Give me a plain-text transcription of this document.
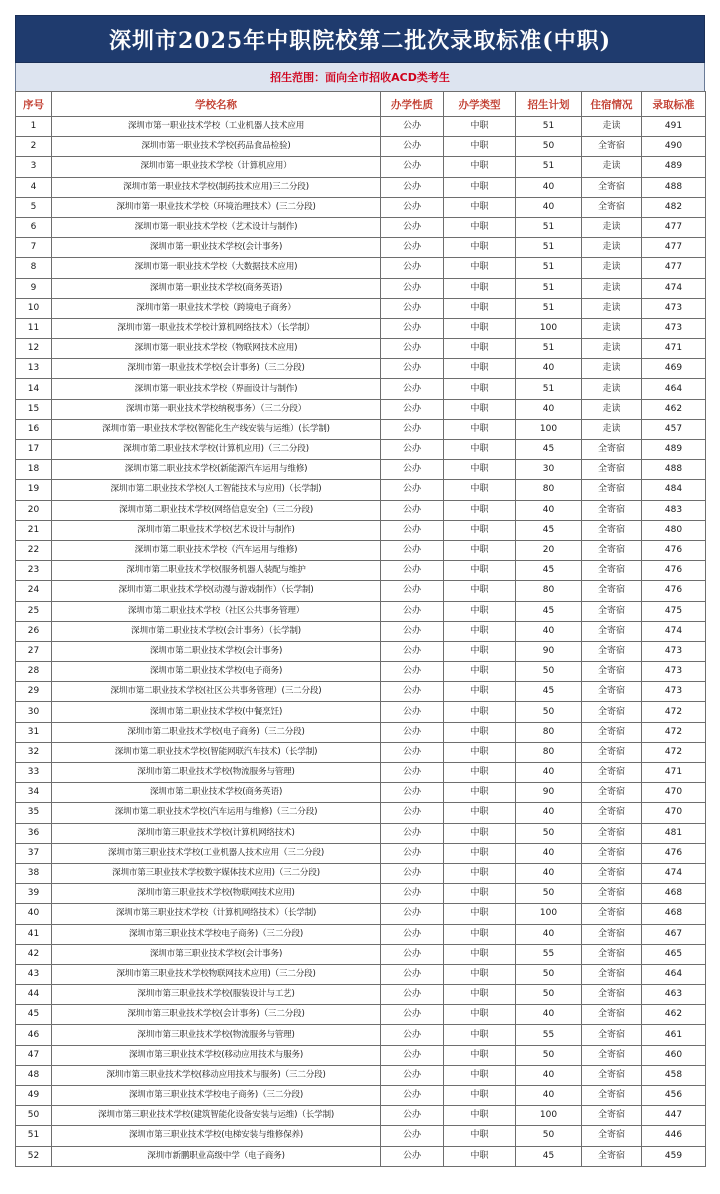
深圳市2025年中职院校第二批次录取标准(中职)
招生范围：面向全市招收ACD类考生
序号	学校名称	办学性质	办学类型	招生计划	住宿情况	录取标准
1	深圳市第一职业技术学校（工业机器人技术应用	公办	中职	51	走读	491
2	深圳市第一职业技术学校(药品食品检验)	公办	中职	50	全寄宿	490
3	深圳市第一职业技术学校（计算机应用）	公办	中职	51	走读	489
4	深圳市第一职业技术学校(制药技术应用)三二分段)	公办	中职	40	全寄宿	488
5	深圳市第一职业技术学校（环境治理技术）(三二分段)	公办	中职	40	全寄宿	482
6	深圳市第一职业技术学校（艺术设计与制作)	公办	中职	51	走读	477
7	深圳市第一职业技术学校(会计事务)	公办	中职	51	走读	477
8	深圳市第一职业技术学校（大数据技术应用)	公办	中职	51	走读	477
9	深圳市第一职业技术学校(商务英语)	公办	中职	51	走读	474
10	深圳市第一职业技术学校（跨境电子商务）	公办	中职	51	走读	473
11	深圳市第一职业技术学校计算机网络技术）（长学制）	公办	中职	100	走读	473
12	深圳市第一职业技术学校（物联网技术应用)	公办	中职	51	走读	471
13	深圳市第一职业技术学校(会计事务)（三二分段)	公办	中职	40	走读	469
14	深圳市第一职业技术学校（界面设计与制作)	公办	中职	51	走读	464
15	深圳市第一职业技术学校纳税事务）（三二分段）	公办	中职	40	走读	462
16	深圳市第一职业技术学校(智能化生产线安装与运维）(长学制)	公办	中职	100	走读	457
17	深圳市第二职业技术学校(计算机应用)（三二分段)	公办	中职	45	全寄宿	489
18	深圳市第二职业技术学校(新能源汽车运用与维修)	公办	中职	30	全寄宿	488
19	深圳市第二职业技术学校(人工智能技术与应用)（长学制)	公办	中职	80	全寄宿	484
20	深圳市第二职业技术学校(网络信息安全)（三二分段)	公办	中职	40	全寄宿	483
21	深圳市第二职业技术学校(艺术设计与制作)	公办	中职	45	全寄宿	480
22	深圳市第二职业技术学校（汽车运用与维修)	公办	中职	20	全寄宿	476
23	深圳市第二职业技术学校(服务机器人装配与维护	公办	中职	45	全寄宿	476
24	深圳市第二职业技术学校(动漫与游戏制作）（长学制)	公办	中职	80	全寄宿	476
25	深圳市第二职业技术学校（社区公共事务管理）	公办	中职	45	全寄宿	475
26	深圳市第二职业技术学校(会计事务）（长学制)	公办	中职	40	全寄宿	474
27	深圳市第二职业技术学校(会计事务)	公办	中职	90	全寄宿	473
28	深圳市第二职业技术学校(电子商务)	公办	中职	50	全寄宿	473
29	深圳市第二职业技术学校(社区公共事务管理）(三二分段)	公办	中职	45	全寄宿	473
30	深圳市第二职业技术学校(中餐烹饪)	公办	中职	50	全寄宿	472
31	深圳市第二职业技术学校(电子商务)（三二分段)	公办	中职	80	全寄宿	472
32	深圳市第二职业技术学校(智能网联汽车技术)（长学制)	公办	中职	80	全寄宿	472
33	深圳市第二职业技术学校(物流服务与管理)	公办	中职	40	全寄宿	471
34	深圳市第二职业技术学校(商务英语)	公办	中职	90	全寄宿	470
35	深圳市第二职业技术学校(汽车运用与维修)（三二分段)	公办	中职	40	全寄宿	470
36	深圳市第三职业技术学校(计算机网络技术)	公办	中职	50	全寄宿	481
37	深圳市第三职业技术学校(工业机器人技术应用（三二分段)	公办	中职	40	全寄宿	476
38	深圳市第三职业技术学校数字媒体技术应用)（三二分段)	公办	中职	40	全寄宿	474
39	深圳市第三职业技术学校(物联网技术应用)	公办	中职	50	全寄宿	468
40	深圳市第三职业技术学校（计算机网络技术）（长学制)	公办	中职	100	全寄宿	468
41	深圳市第三职业技术学校电子商务)（三二分段)	公办	中职	40	全寄宿	467
42	深圳市第三职业技术学校(会计事务)	公办	中职	55	全寄宿	465
43	深圳市第三职业技术学校物联网技术应用)（三二分段)	公办	中职	50	全寄宿	464
44	深圳市第三职业技术学校(服装设计与工艺)	公办	中职	50	全寄宿	463
45	深圳市第三职业技术学校(会计事务)（三二分段)	公办	中职	40	全寄宿	462
46	深圳市第三职业技术学校(物流服务与管理)	公办	中职	55	全寄宿	461
47	深圳市第三职业技术学校(移动应用技术与服务)	公办	中职	50	全寄宿	460
48	深圳市第三职业技术学校(移动应用技术与服务)（三二分段)	公办	中职	40	全寄宿	458
49	深圳市第三职业技术学校电子商务)（三二分段)	公办	中职	40	全寄宿	456
50	深圳市第三职业技术学校(建筑智能化设备安装与运维)（长学制)	公办	中职	100	全寄宿	447
51	深圳市第三职业技术学校(电梯安装与维修保养)	公办	中职	50	全寄宿	446
52	深圳市新鹏职业高级中学（电子商务)	公办	中职	45	全寄宿	459
